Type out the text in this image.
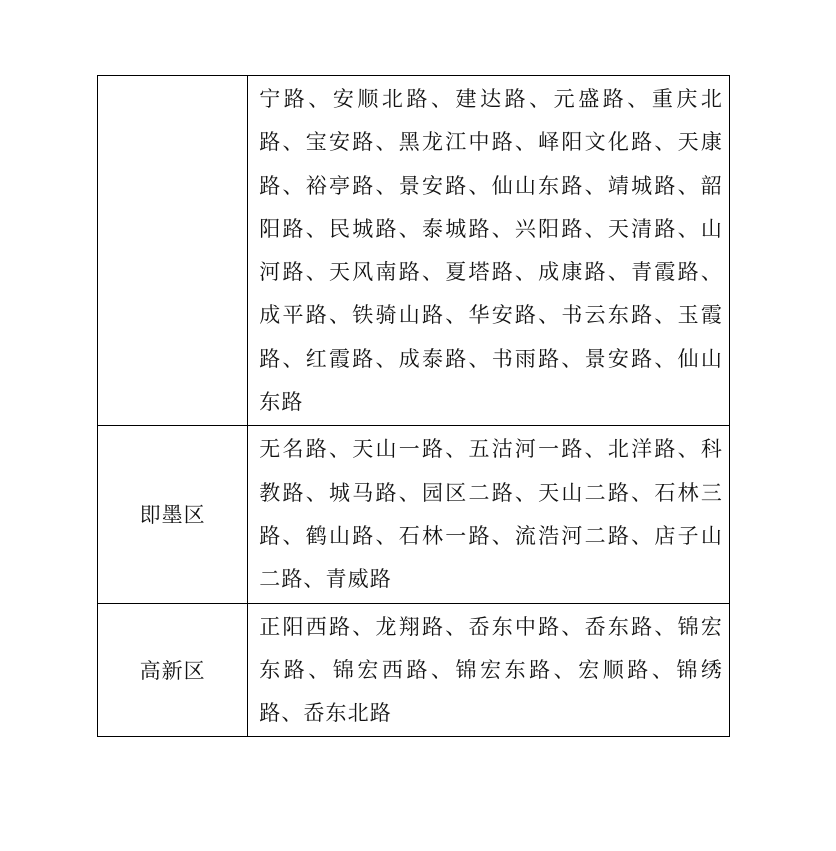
	宁路、安顺北路、建达路、元盛路、重庆北路、宝安路、黑龙江中路、峄阳文化路、天康路、裕亭路、景安路、仙山东路、靖城路、韶阳路、民城路、泰城路、兴阳路、天清路、山河路、天风南路、夏塔路、成康路、青霞路、成平路、铁骑山路、华安路、书云东路、玉霞路、红霞路、成泰路、书雨路、景安路、仙山东路

即墨区	无名路、天山一路、五沽河一路、北洋路、科教路、城马路、园区二路、天山二路、石林三路、鹤山路、石林一路、流浩河二路、店子山二路、青威路

高新区	正阳西路、龙翔路、岙东中路、岙东路、锦宏东路、锦宏西路、锦宏东路、宏顺路、锦绣路、岙东北路
